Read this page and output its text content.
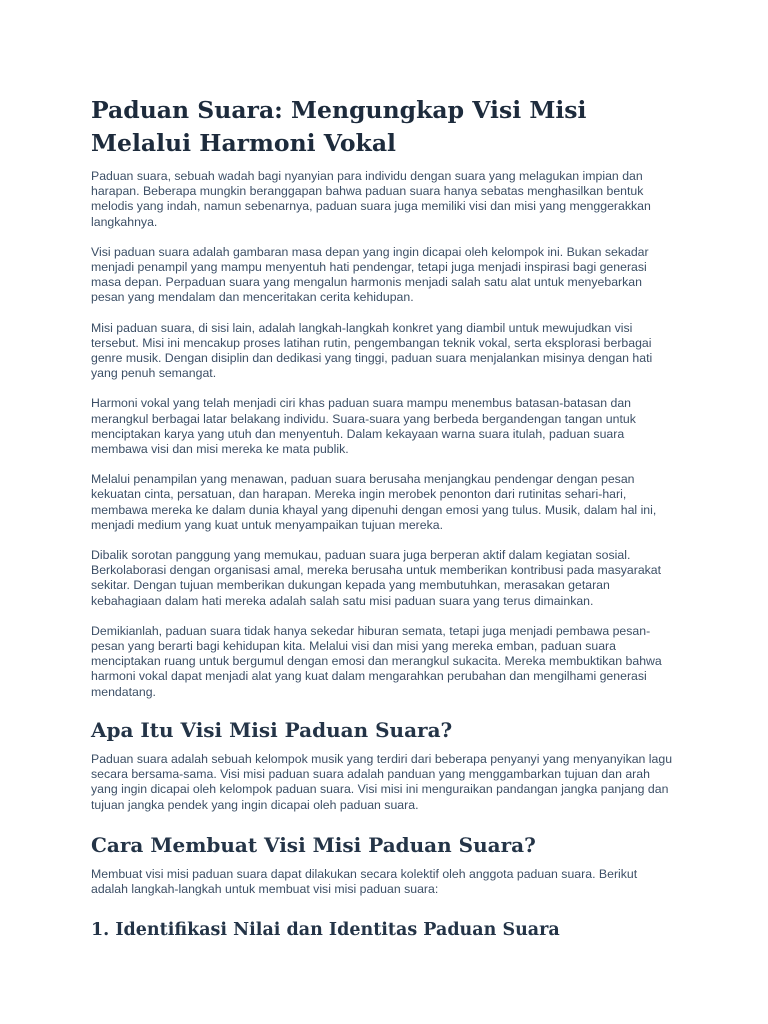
Paduan Suara: Mengungkap Visi Misi Melalui Harmoni Vokal

Paduan suara, sebuah wadah bagi nyanyian para individu dengan suara yang melagukan impian dan harapan. Beberapa mungkin beranggapan bahwa paduan suara hanya sebatas menghasilkan bentuk melodis yang indah, namun sebenarnya, paduan suara juga memiliki visi dan misi yang menggerakkan langkahnya.

Visi paduan suara adalah gambaran masa depan yang ingin dicapai oleh kelompok ini. Bukan sekadar menjadi penampil yang mampu menyentuh hati pendengar, tetapi juga menjadi inspirasi bagi generasi masa depan. Perpaduan suara yang mengalun harmonis menjadi salah satu alat untuk menyebarkan pesan yang mendalam dan menceritakan cerita kehidupan.

Misi paduan suara, di sisi lain, adalah langkah-langkah konkret yang diambil untuk mewujudkan visi tersebut. Misi ini mencakup proses latihan rutin, pengembangan teknik vokal, serta eksplorasi berbagai genre musik. Dengan disiplin dan dedikasi yang tinggi, paduan suara menjalankan misinya dengan hati yang penuh semangat.

Harmoni vokal yang telah menjadi ciri khas paduan suara mampu menembus batasan-batasan dan merangkul berbagai latar belakang individu. Suara-suara yang berbeda bergandengan tangan untuk menciptakan karya yang utuh dan menyentuh. Dalam kekayaan warna suara itulah, paduan suara membawa visi dan misi mereka ke mata publik.

Melalui penampilan yang menawan, paduan suara berusaha menjangkau pendengar dengan pesan kekuatan cinta, persatuan, dan harapan. Mereka ingin merobek penonton dari rutinitas sehari-hari, membawa mereka ke dalam dunia khayal yang dipenuhi dengan emosi yang tulus. Musik, dalam hal ini, menjadi medium yang kuat untuk menyampaikan tujuan mereka.

Dibalik sorotan panggung yang memukau, paduan suara juga berperan aktif dalam kegiatan sosial. Berkolaborasi dengan organisasi amal, mereka berusaha untuk memberikan kontribusi pada masyarakat sekitar. Dengan tujuan memberikan dukungan kepada yang membutuhkan, merasakan getaran kebahagiaan dalam hati mereka adalah salah satu misi paduan suara yang terus dimainkan.

Demikianlah, paduan suara tidak hanya sekedar hiburan semata, tetapi juga menjadi pembawa pesan-pesan yang berarti bagi kehidupan kita. Melalui visi dan misi yang mereka emban, paduan suara menciptakan ruang untuk bergumul dengan emosi dan merangkul sukacita. Mereka membuktikan bahwa harmoni vokal dapat menjadi alat yang kuat dalam mengarahkan perubahan dan mengilhami generasi mendatang.

Apa Itu Visi Misi Paduan Suara?

Paduan suara adalah sebuah kelompok musik yang terdiri dari beberapa penyanyi yang menyanyikan lagu secara bersama-sama. Visi misi paduan suara adalah panduan yang menggambarkan tujuan dan arah yang ingin dicapai oleh kelompok paduan suara. Visi misi ini menguraikan pandangan jangka panjang dan tujuan jangka pendek yang ingin dicapai oleh paduan suara.

Cara Membuat Visi Misi Paduan Suara?

Membuat visi misi paduan suara dapat dilakukan secara kolektif oleh anggota paduan suara. Berikut adalah langkah-langkah untuk membuat visi misi paduan suara:

1. Identifikasi Nilai dan Identitas Paduan Suara
